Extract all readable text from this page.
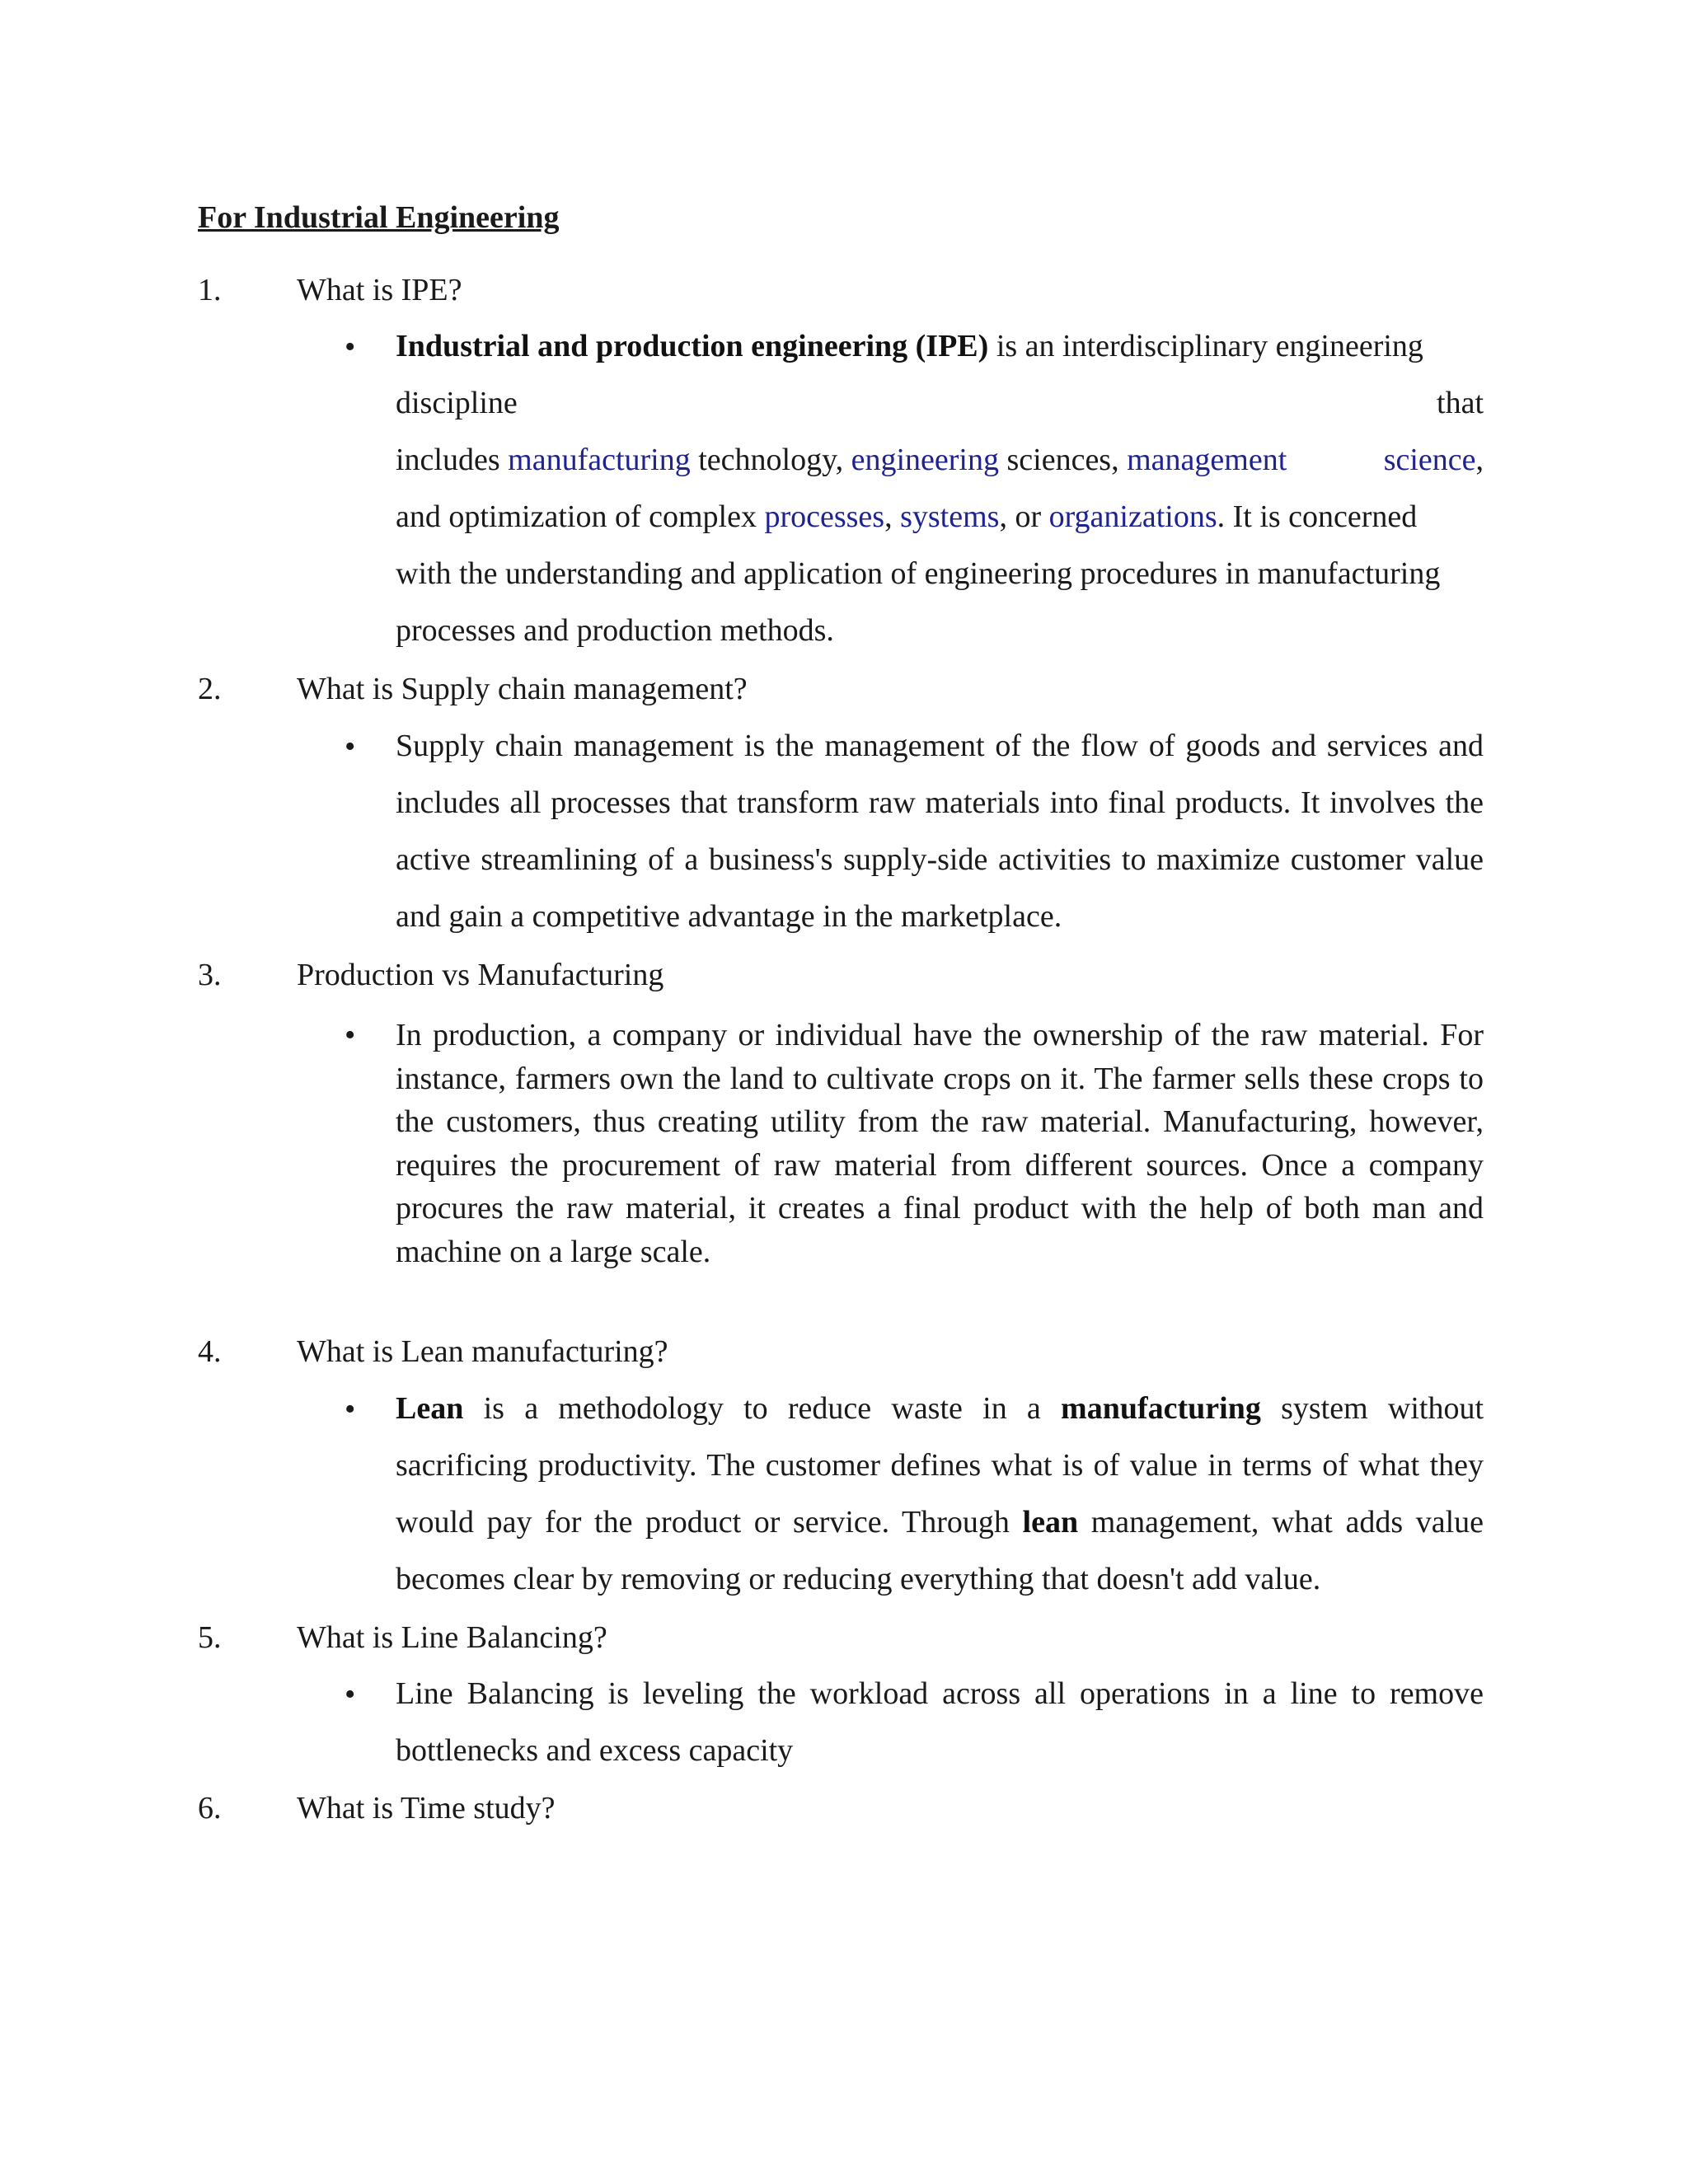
For Industrial Engineering
1. What is IPE?
• Industrial and production engineering (IPE) is an interdisciplinary engineering
discipline	that
includes manufacturing technology, engineering sciences, management	science,
and optimization of complex processes, systems, or organizations. It is concerned
with the understanding and application of engineering procedures in manufacturing
processes and production methods.
2. What is Supply chain management?
• Supply chain management is the management of the flow of goods and services and includes all processes that transform raw materials into final products. It involves the active streamlining of a business's supply-side activities to maximize customer value and gain a competitive advantage in the marketplace.

3. Production vs Manufacturing
• In production, a company or individual have the ownership of the raw material. For instance, farmers own the land to cultivate crops on it. The farmer sells these crops to the customers, thus creating utility from the raw material. Manufacturing, however, requires the procurement of raw material from different sources. Once a company procures the raw material, it creates a final product with the help of both man and machine on a large scale.

4. What is Lean manufacturing?
• Lean is a methodology to reduce waste in a manufacturing system without sacrificing productivity. The customer defines what is of value in terms of what they would pay for the product or service. Through lean management, what adds value becomes clear by removing or reducing everything that doesn't add value.

5. What is Line Balancing?
• Line Balancing is leveling the workload across all operations in a line to remove bottlenecks and excess capacity

6. What is Time study?
